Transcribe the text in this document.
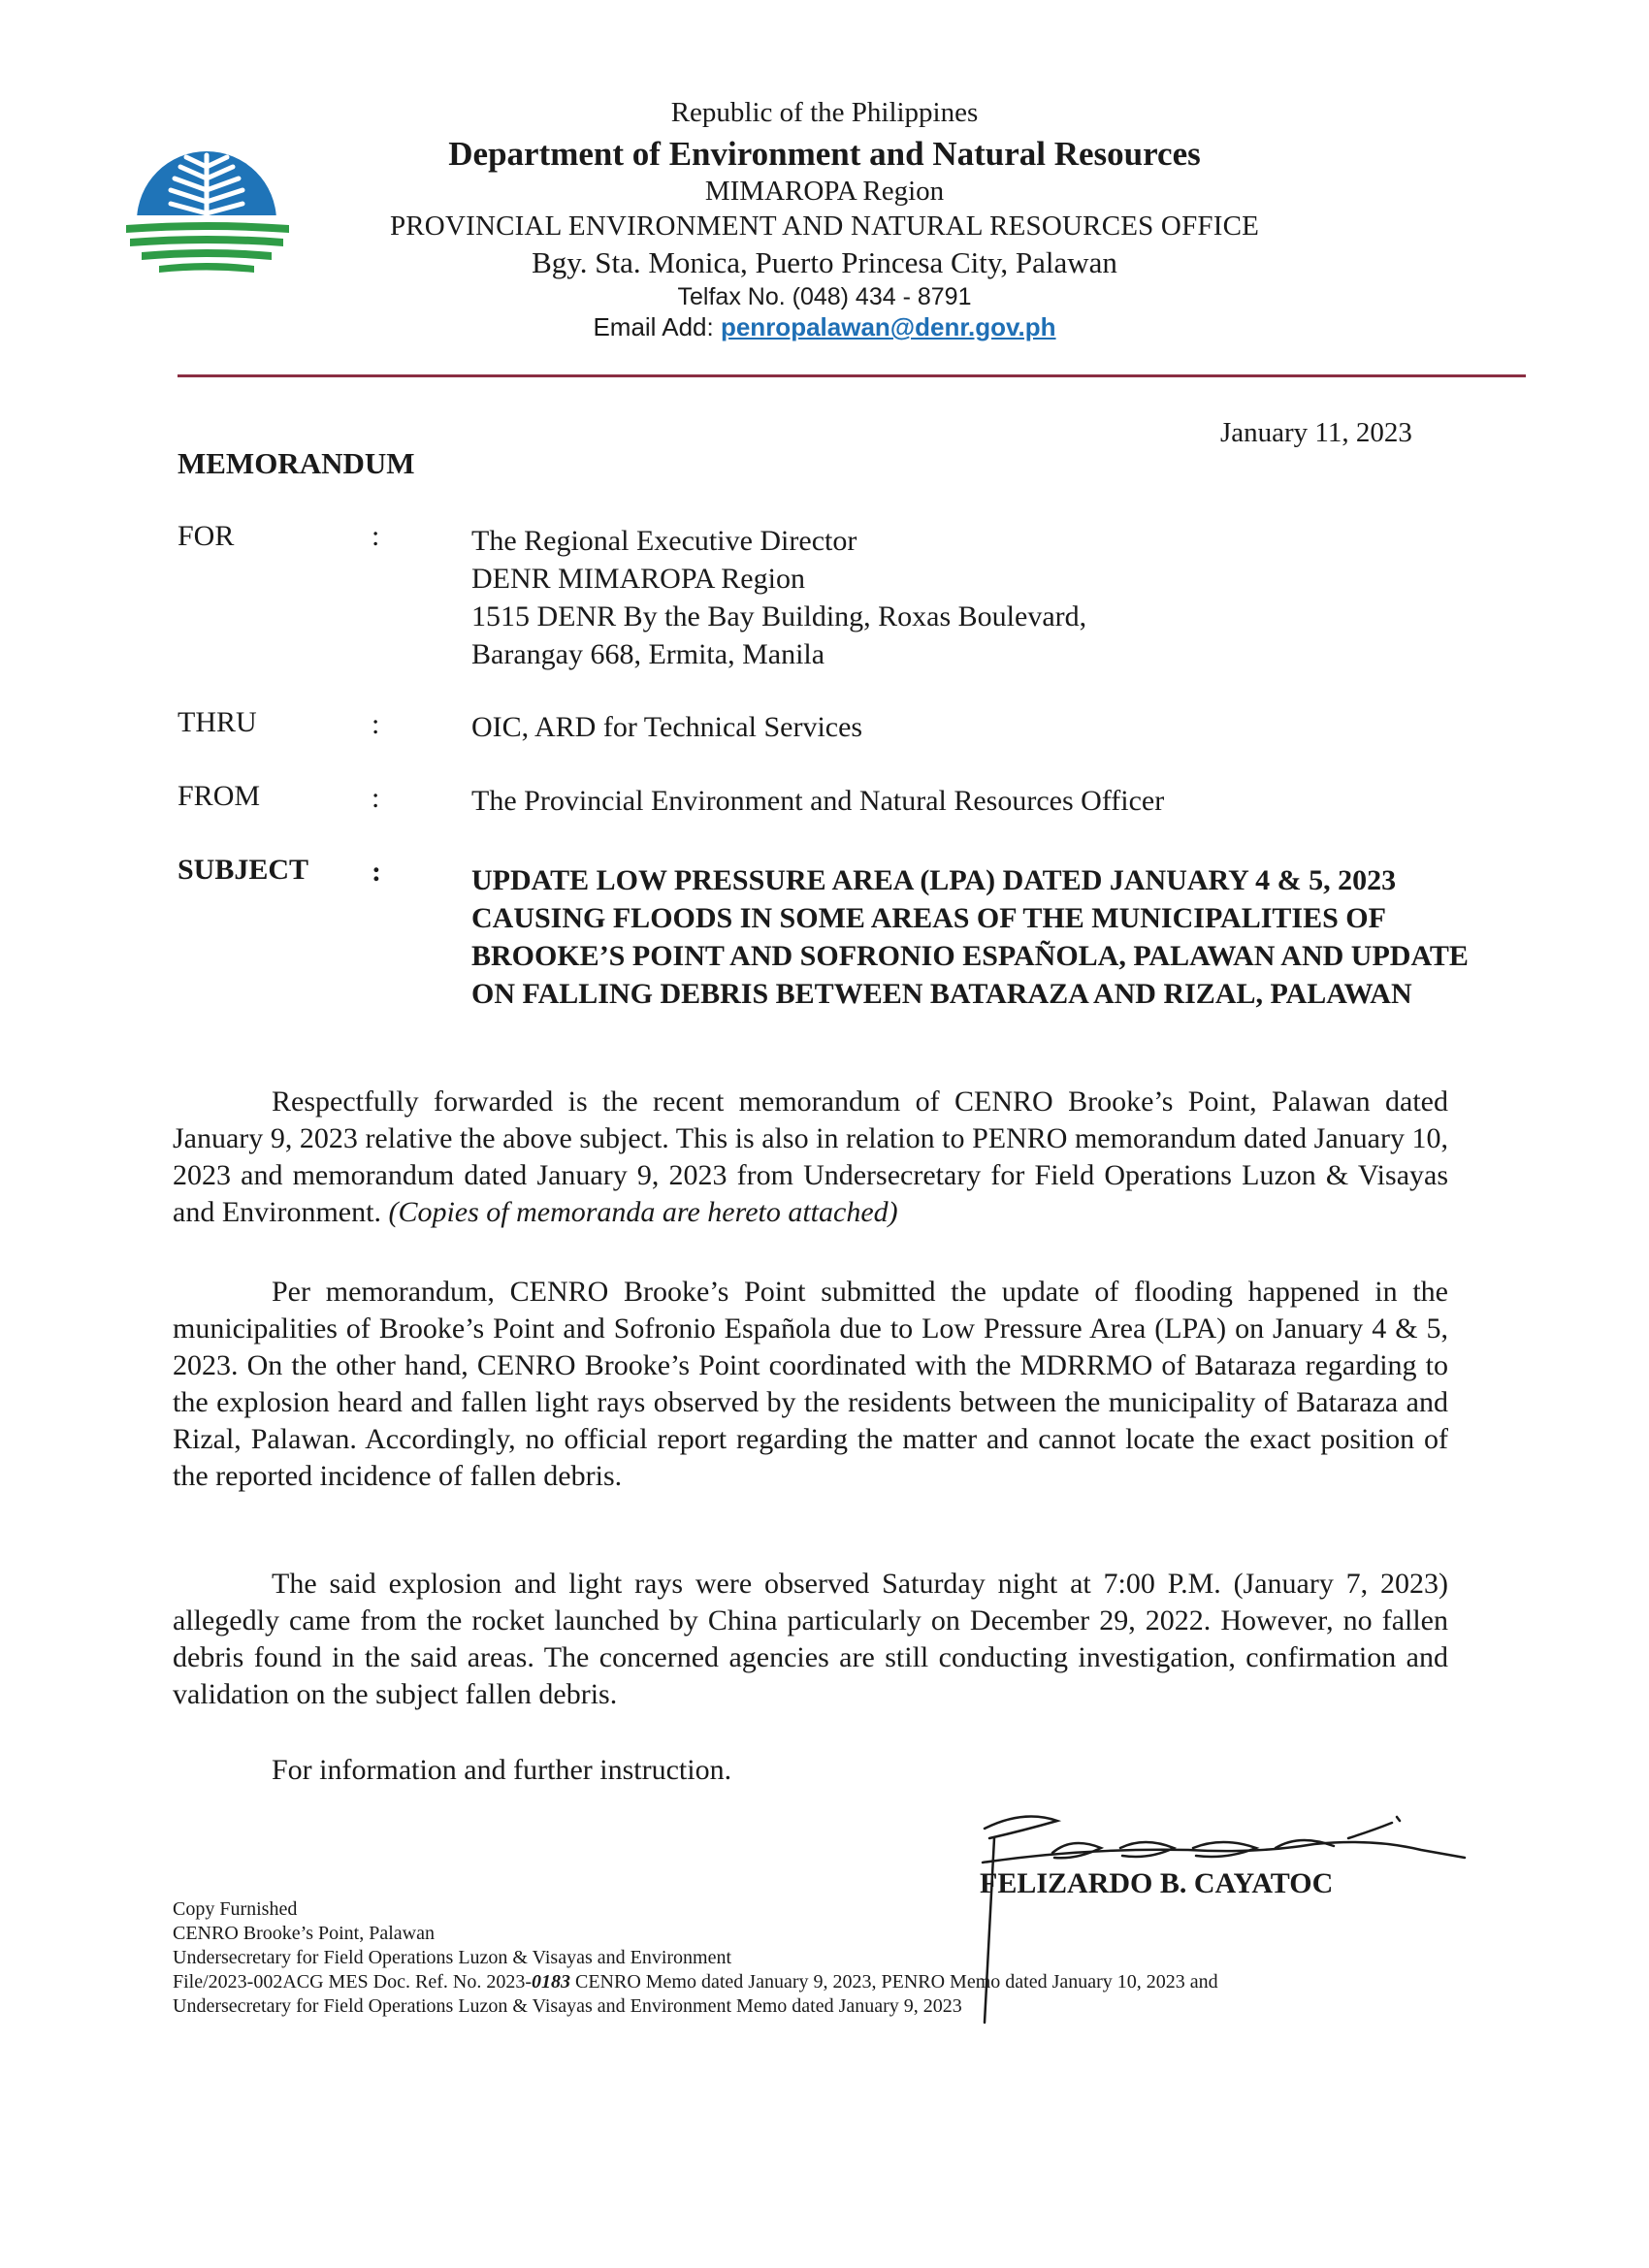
Republic of the Philippines
Department of Environment and Natural Resources
MIMAROPA Region
PROVINCIAL ENVIRONMENT AND NATURAL RESOURCES OFFICE
Bgy. Sta. Monica, Puerto Princesa City, Palawan
Telfax No. (048) 434 - 8791
Email Add: penropalawan@denr.gov.ph
January 11, 2023
MEMORANDUM
FOR	:	The Regional Executive Director
DENR MIMAROPA Region
1515 DENR By the Bay Building, Roxas Boulevard,
Barangay 668, Ermita, Manila
THRU	:	OIC, ARD for Technical Services
FROM	:	The Provincial Environment and Natural Resources Officer
SUBJECT :	UPDATE LOW PRESSURE AREA (LPA) DATED JANUARY 4 & 5, 2023 CAUSING FLOODS IN SOME AREAS OF THE MUNICIPALITIES OF BROOKE’S POINT AND SOFRONIO ESPAÑOLA, PALAWAN AND UPDATE ON FALLING DEBRIS BETWEEN BATARAZA AND RIZAL, PALAWAN

Respectfully forwarded is the recent memorandum of CENRO Brooke’s Point, Palawan dated January 9, 2023 relative the above subject. This is also in relation to PENRO memorandum dated January 10, 2023 and memorandum dated January 9, 2023 from Undersecretary for Field Operations Luzon & Visayas and Environment. (Copies of memoranda are hereto attached)

Per memorandum, CENRO Brooke’s Point submitted the update of flooding happened in the municipalities of Brooke’s Point and Sofronio Española due to Low Pressure Area (LPA) on January 4 & 5, 2023. On the other hand, CENRO Brooke’s Point coordinated with the MDRRMO of Bataraza regarding to the explosion heard and fallen light rays observed by the residents between the municipality of Bataraza and Rizal, Palawan. Accordingly, no official report regarding the matter and cannot locate the exact position of the reported incidence of fallen debris.

The said explosion and light rays were observed Saturday night at 7:00 P.M. (January 7, 2023) allegedly came from the rocket launched by China particularly on December 29, 2022. However, no fallen debris found in the said areas. The concerned agencies are still conducting investigation, confirmation and validation on the subject fallen debris.

For information and further instruction.

FELIZARDO B. CAYATOC
Copy Furnished
CENRO Brooke’s Point, Palawan
Undersecretary for Field Operations Luzon & Visayas and Environment
File/2023-002ACG MES Doc. Ref. No. 2023-0183 CENRO Memo dated January 9, 2023, PENRO Memo dated January 10, 2023 and
Undersecretary for Field Operations Luzon & Visayas and Environment Memo dated January 9, 2023
